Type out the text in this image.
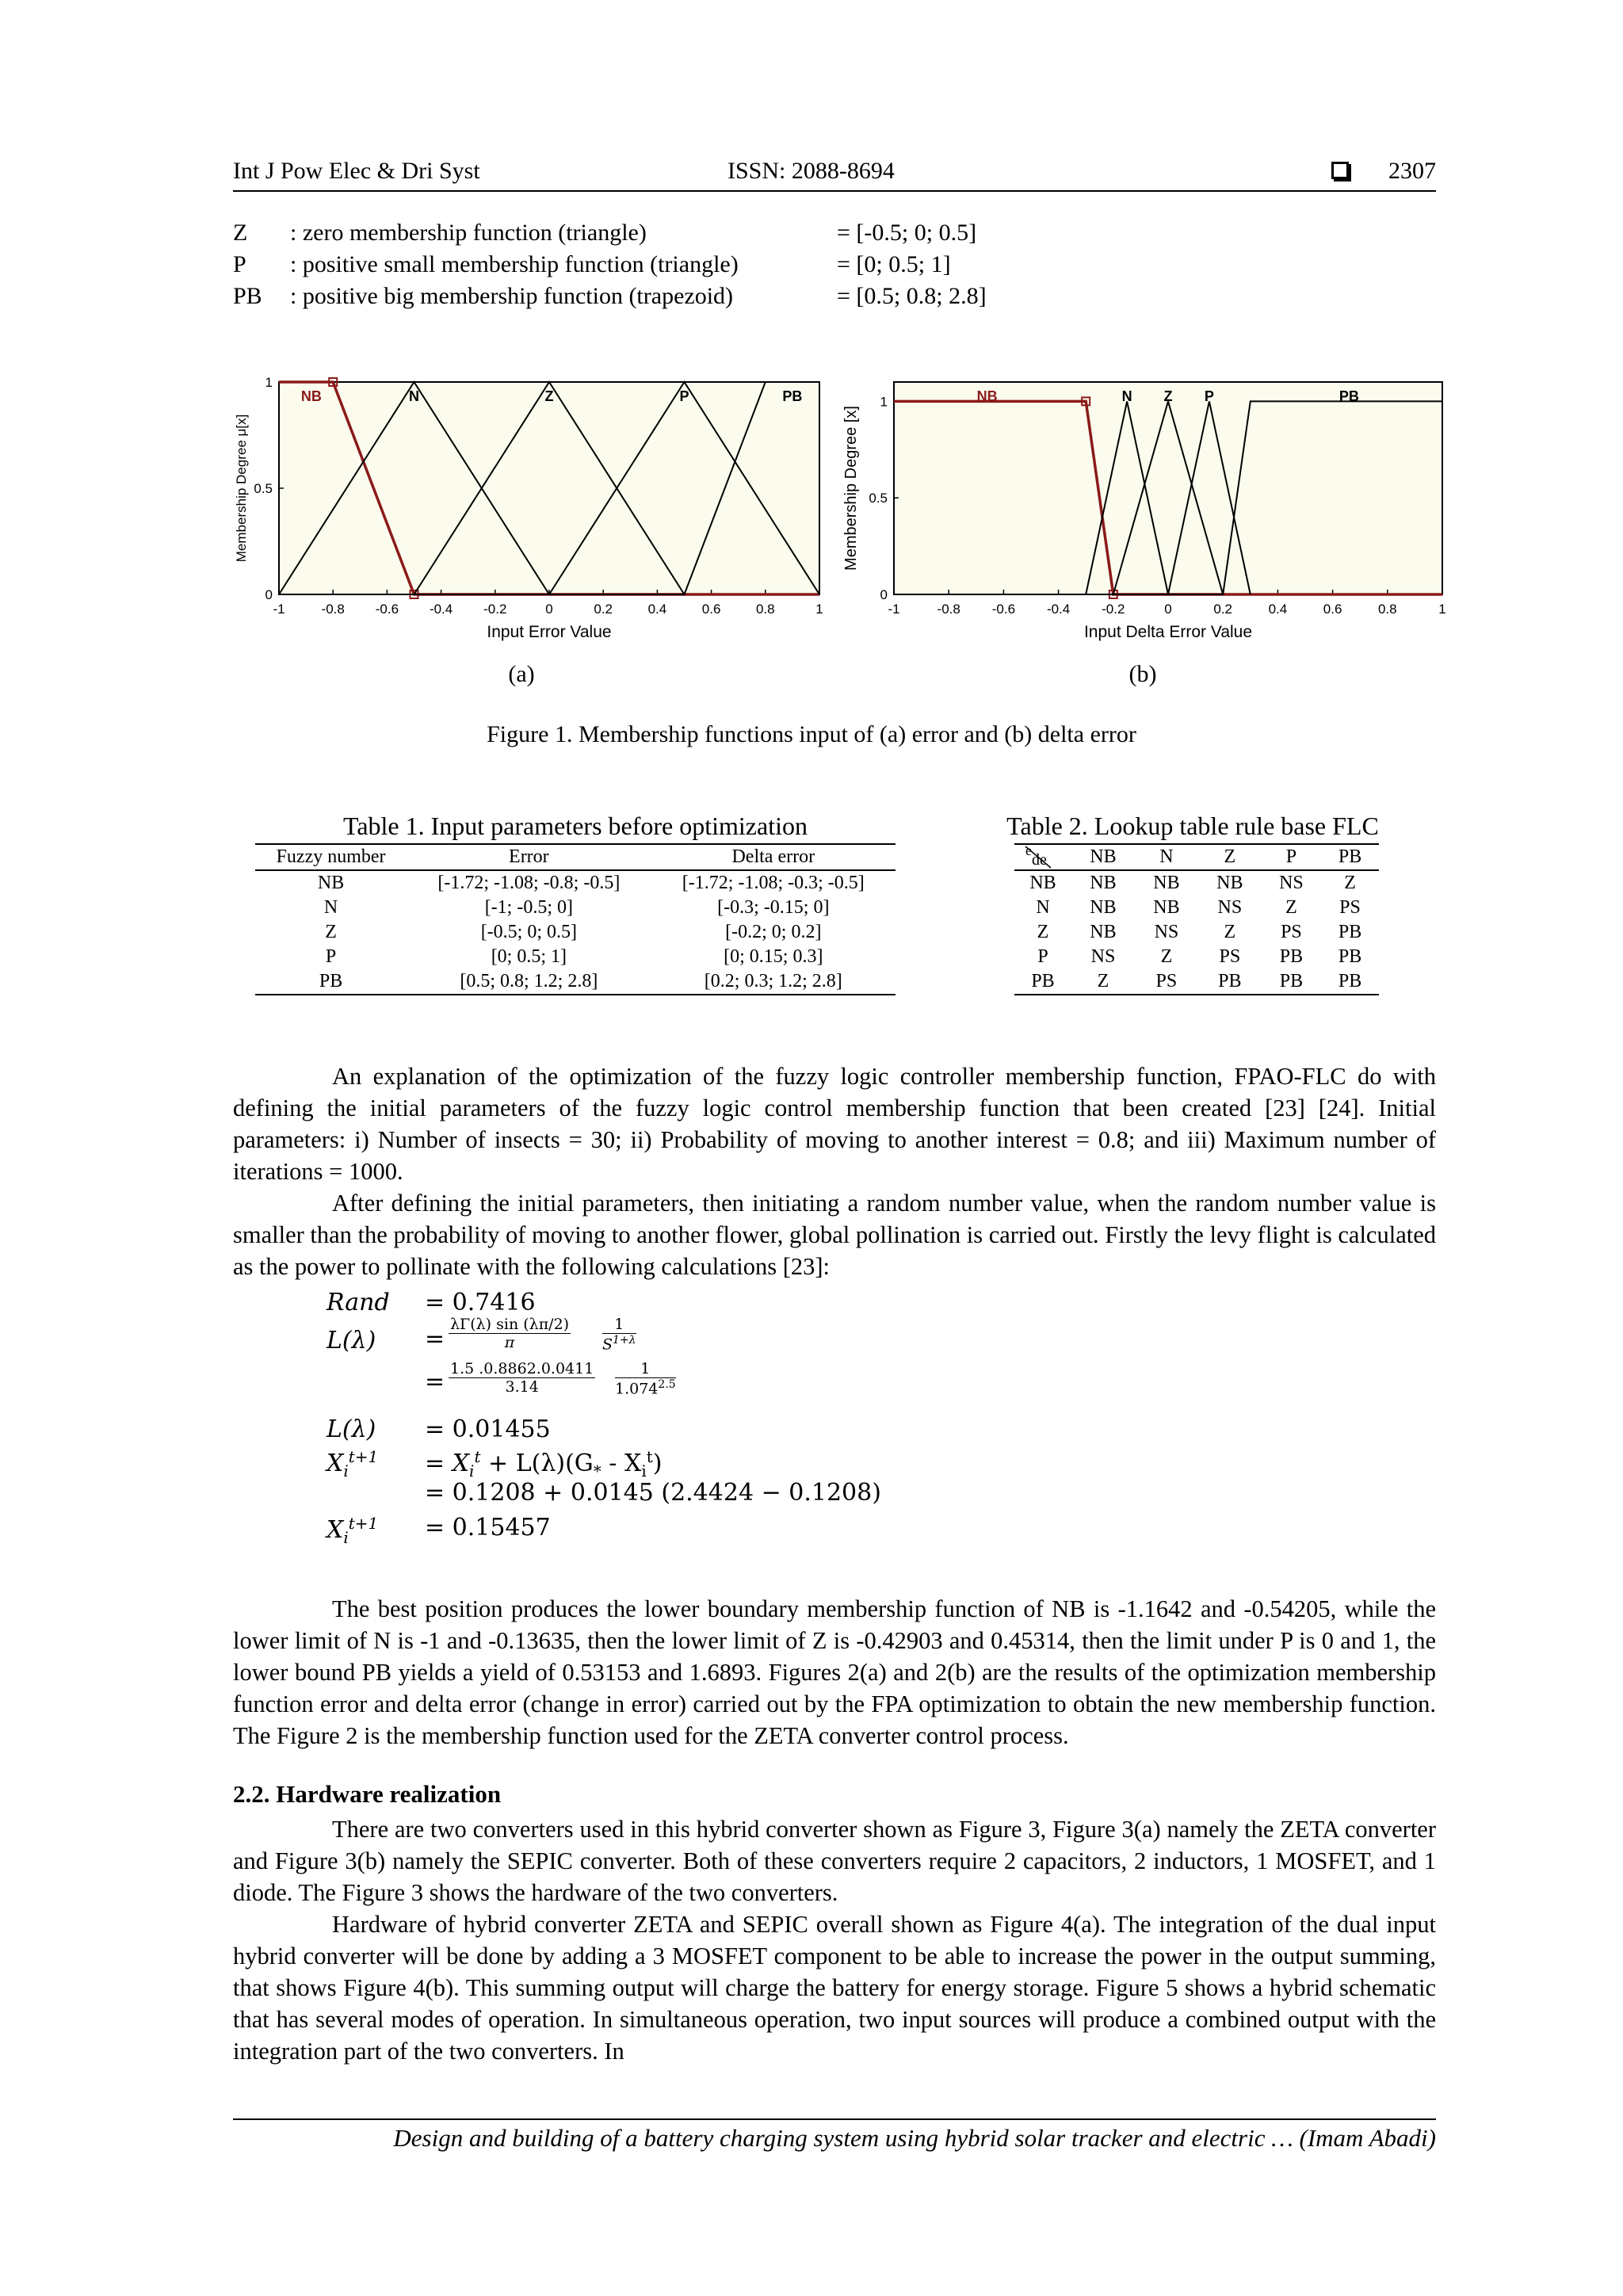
Int J Pow Elec & Dri Syst	ISSN: 2088-8694	2307
Z : zero membership function (triangle)	= [-0.5; 0; 0.5]
P : positive small membership function (triangle)	= [0; 0.5; 1]
PB : positive big membership function (trapezoid)	= [0.5; 0.8; 2.8]
-1	-0.8 -0.6 -0.4 -0.2	0	0.2	0.4	0.6	0.8	1
0
0.5
1
Input Error Value
Membership Degree μ[x]
NB	N	Z	P	PB
-1	-0.8 -0.6 -0.4 -0.2	0	0.2	0.4	0.6	0.8	1
0
0.5
1
Input Delta Error Value
Membership Degree [x]
NB	N Z P	PB
(a)	(b)
Figure 1. Membership functions input of (a) error and (b) delta error
Table 1. Input parameters before optimization
Fuzzy number	Error	Delta error
NB	[-1.72; -1.08; -0.8; -0.5]	[-1.72; -1.08; -0.3; -0.5]
N	[-1; -0.5; 0]	[-0.3; -0.15; 0]
Z	[-0.5; 0; 0.5]	[-0.2; 0; 0.2]
P	[0; 0.5; 1]	[0; 0.15; 0.3]
PB	[0.5; 0.8; 1.2; 2.8]	[0.2; 0.3; 1.2; 2.8]
Table 2. Lookup table rule base FLC
e
de	NB	N	Z	P	PB
NB	NB	NB	NB	NS	Z
N	NB	NB	NS	Z	PS
Z	NB	NS	Z	PS	PB
P	NS	Z	PS	PB	PB
PB	Z	PS	PB	PB	PB

An explanation of the optimization of the fuzzy logic controller membership function, FPAO-FLC do with defining the initial parameters of the fuzzy logic control membership function that been created [23] [24]. Initial parameters: i) Number of insects = 30; ii) Probability of moving to another interest = 0.8; and iii) Maximum number of iterations = 1000.

After defining the initial parameters, then initiating a random number value, when the random number value is smaller than the probability of moving to another flower, global pollination is carried out. Firstly the levy flight is calculated as the power to pollinate with the following calculations [23]:

Rand = 0.7416
$L(\lambda) = \frac{\lambda\Gamma(\lambda) \sin (\lambda\pi/2)}{\pi} \frac{1}{S^{1+\lambda}}$
= $\frac{1.5 .0.8862.0.0411}{3.14} \frac{1}{1.074^{2.5}}$
L(λ) = 0.01455
$X_i^{t+1} = X_i^t + L(\lambda)(G_* - X_i^t)$
= 0.1208 + 0.0145 (2.4424 − 0.1208)
$X_i^{t+1} = 0.15457$

The best position produces the lower boundary membership function of NB is -1.1642 and -0.54205, while the lower limit of N is -1 and -0.13635, then the lower limit of Z is -0.42903 and 0.45314, then the limit under P is 0 and 1, the lower bound PB yields a yield of 0.53153 and 1.6893. Figures 2(a) and 2(b) are the results of the optimization membership function error and delta error (change in error) carried out by the FPA optimization to obtain the new membership function. The Figure 2 is the membership function used for the ZETA converter control process.

2.2. Hardware realization

There are two converters used in this hybrid converter shown as Figure 3, Figure 3(a) namely the ZETA converter and Figure 3(b) namely the SEPIC converter. Both of these converters require 2 capacitors, 2 inductors, 1 MOSFET, and 1 diode. The Figure 3 shows the hardware of the two converters.

Hardware of hybrid converter ZETA and SEPIC overall shown as Figure 4(a). The integration of the dual input hybrid converter will be done by adding a 3 MOSFET component to be able to increase the power in the output summing, that shows Figure 4(b). This summing output will charge the battery for energy storage. Figure 5 shows a hybrid schematic that has several modes of operation. In simultaneous operation, two input sources will produce a combined output with the integration part of the two converters. In

Design and building of a battery charging system using hybrid solar tracker and electric … (Imam Abadi)
